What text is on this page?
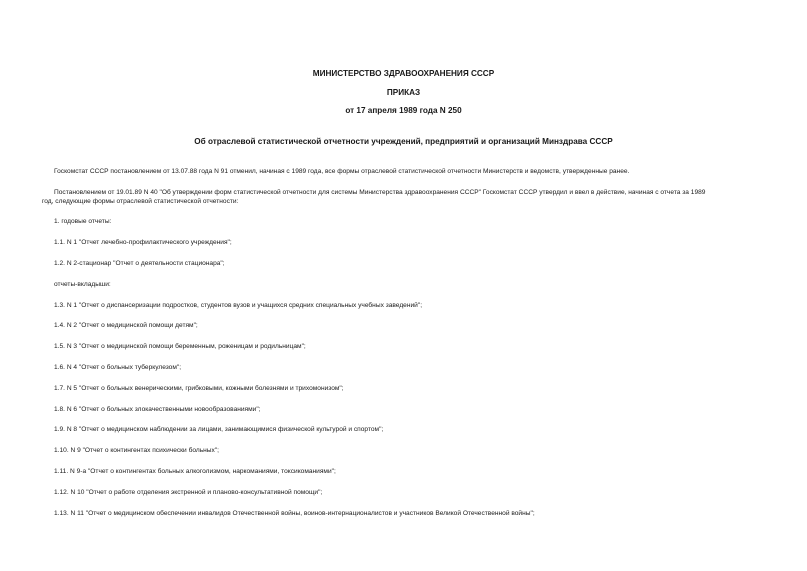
МИНИСТЕРСТВО ЗДРАВООХРАНЕНИЯ СССР
ПРИКАЗ
от 17 апреля 1989 года N 250
Об отраслевой статистической отчетности учреждений, предприятий и организаций Минздрава СССР
Госкомстат СССР постановлением от 13.07.88 года N 91 отменил, начиная с 1989 года, все формы отраслевой статистической отчетности Министерств и ведомств, утвержденные ранее.
Постановлением от 19.01.89 N 40 "Об утверждении форм статистической отчетности для системы Министерства здравоохранения СССР" Госкомстат СССР утвердил и ввел в действие, начиная с отчета за 1989
год, следующие формы отраслевой статистической отчетности:
1. годовые отчеты:
1.1. N 1 "Отчет лечебно-профилактического учреждения";
1.2. N 2-стационар "Отчет о деятельности стационара";
отчеты-вкладыши:
1.3. N 1 "Отчет о диспансеризации подростков, студентов вузов и учащихся средних специальных учебных заведений";
1.4. N 2 "Отчет о медицинской помощи детям";
1.5. N 3 "Отчет о медицинской помощи беременным, роженицам и родильницам";
1.6. N 4 "Отчет о больных туберкулезом";
1.7. N 5 "Отчет о больных венерическими, грибковыми, кожными болезнями и трихомонизом";
1.8. N 6 "Отчет о больных злокачественными новообразованиями";
1.9. N 8 "Отчет о медицинском наблюдении за лицами, занимающимися физической культурой и спортом";
1.10. N 9 "Отчет о контингентах психически больных";
1.11. N 9-а "Отчет о контингентах больных алкоголизмом, наркоманиями, токсикоманиями";
1.12. N 10 "Отчет о работе отделения экстренной и планово-консультативной помощи";
1.13. N 11 "Отчет о медицинском обеспечении инвалидов Отечественной войны, воинов-интернационалистов и участников Великой Отечественной войны";
